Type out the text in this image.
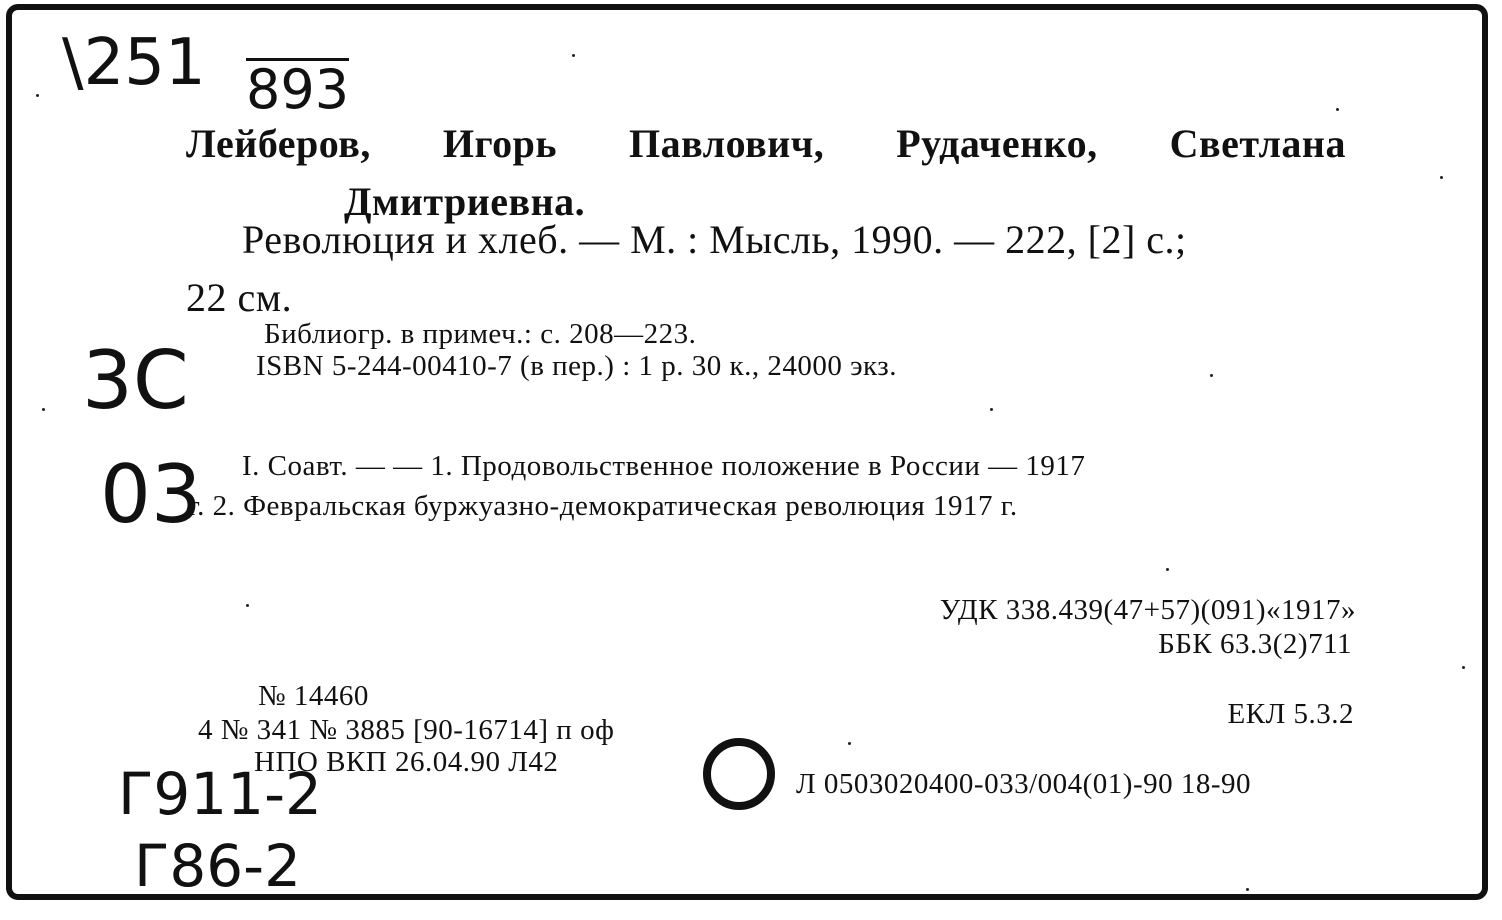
\251 893
3C
03
Г911-2
Г86-2
Лейберов, Игорь Павлович, Рудаченко, Светлана
Дмитриевна.
Революция и хлеб. — М. : Мысль, 1990. — 222, [2] с.;
22 см.
Библиогр. в примеч.: с. 208—223.
ISBN 5-244-00410-7 (в пер.) : 1 р. 30 к., 24000 экз.
I. Соавт. — — 1. Продовольственное положение в России — 1917
г. 2. Февральская буржуазно-демократическая революция 1917 г.
УДК 338.439(47+57)(091)«1917»
ББК 63.3(2)711
ЕКЛ 5.3.2
Л 0503020400-033/004(01)-90 18-90
№ 14460
4 № 341 № 3885 [90-16714] п оф
НПО ВКП 26.04.90 Л42
